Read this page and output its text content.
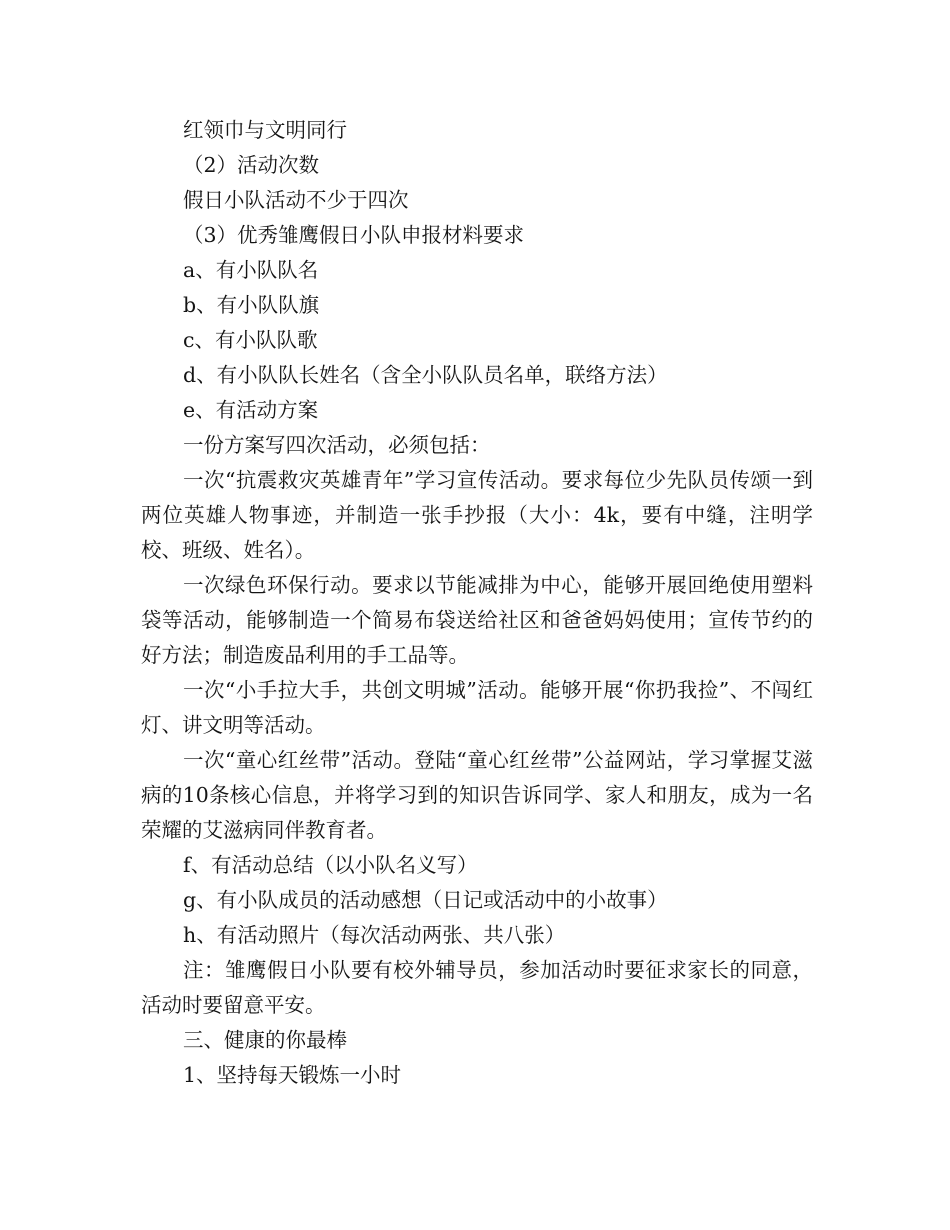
红领巾与文明同行

（2）活动次数

假日小队活动不少于四次

（3）优秀雏鹰假日小队申报材料要求

a、有小队队名

b、有小队队旗

c、有小队队歌

d、有小队队长姓名（含全小队队员名单，联络方法）

e、有活动方案

一份方案写四次活动，必须包括：

一次“抗震救灾英雄青年”学习宣传活动。要求每位少先队员传颂一到两位英雄人物事迹，并制造一张手抄报（大小：4k，要有中缝，注明学校、班级、姓名）。

一次绿色环保行动。要求以节能减排为中心，能够开展回绝使用塑料袋等活动，能够制造一个简易布袋送给社区和爸爸妈妈使用；宣传节约的好方法；制造废品利用的手工品等。

一次“小手拉大手，共创文明城”活动。能够开展“你扔我捡”、不闯红灯、讲文明等活动。

一次“童心红丝带”活动。登陆“童心红丝带”公益网站，学习掌握艾滋病的10条核心信息，并将学习到的知识告诉同学、家人和朋友，成为一名荣耀的艾滋病同伴教育者。

f、有活动总结（以小队名义写）

g、有小队成员的活动感想（日记或活动中的小故事）

h、有活动照片（每次活动两张、共八张）

注：雏鹰假日小队要有校外辅导员，参加活动时要征求家长的同意，活动时要留意平安。

三、健康的你最棒

1、坚持每天锻炼一小时
